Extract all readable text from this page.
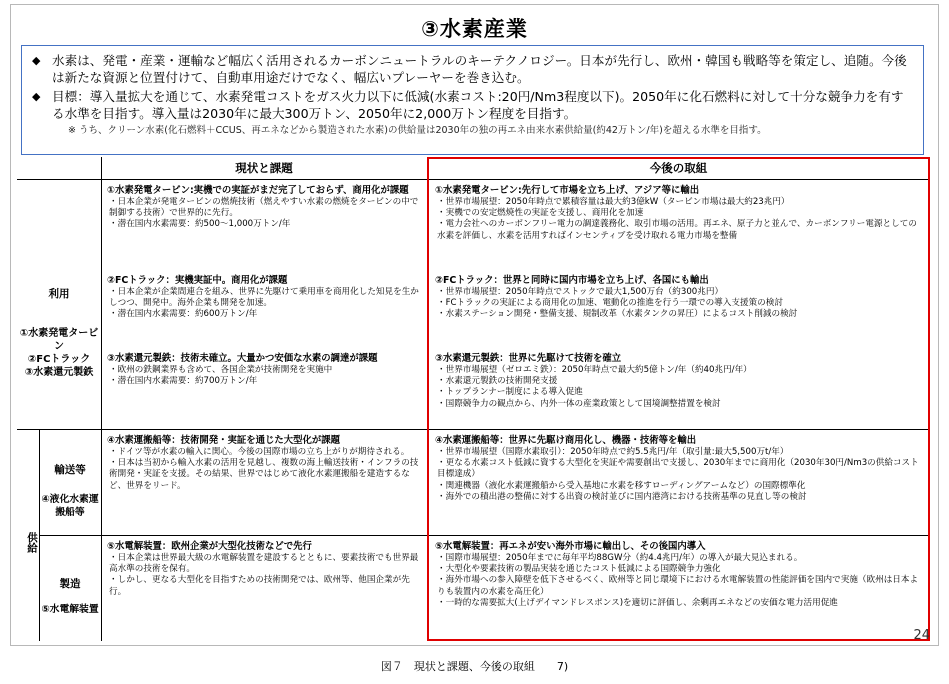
③水素産業
◆ 水素は、発電・産業・運輸など幅広く活用されるカーボンニュートラルのキーテクノロジー。日本が先行し、欧州・韓国も戦略等を策定し、追随。今後は新たな資源と位置付けて、自動車用途だけでなく、幅広いプレーヤーを巻き込む。
◆ 目標：導入量拡大を通じて、水素発電コストをガス火力以下に低減(水素コスト:20円/Nm3程度以下)。2050年に化石燃料に対して十分な競争力を有する水準を目指す。導入量は2030年に最大300万トン、2050年に2,000万トン程度を目指す。
※ うち、クリーン水素(化石燃料＋CCUS、再エネなどから製造された水素)の供給量は2030年の独の再エネ由来水素供給量(約42万トン/年)を超える水準を目指す。
現状と課題	今後の取組
利用
①水素発電タービン
②FCトラック
③水素還元製鉄
供給
輸送等
④液化水素運搬船等
製造
⑤水電解装置
①水素発電タービン:実機での実証がまだ完了しておらず、商用化が課題
・日本企業が発電タービンの燃焼技術（燃えやすい水素の燃焼をタービンの中で制御する技術）で世界的に先行。
・潜在国内水素需要：約500～1,000万トン/年
②FCトラック：実機実証中。商用化が課題
・日本企業が企業間連合を組み、世界に先駆けて乗用車を商用化した知見を生かしつつ、開発中。海外企業も開発を加速。
・潜在国内水素需要：約600万トン/年
③水素還元製鉄：技術未確立。大量かつ安価な水素の調達が課題
・欧州の鉄鋼業界も含めて、各国企業が技術開発を実施中
・潜在国内水素需要：約700万トン/年
④水素運搬船等：技術開発・実証を通じた大型化が課題
・ドイツ等が水素の輸入に関心。今後の国際市場の立ち上がりが期待される。
・日本は当初から輸入水素の活用を見越し、複数の海上輸送技術・インフラの技術開発・実証を支援。その結果、世界ではじめて液化水素運搬船を建造するなど、世界をリード。
⑤水電解装置：欧州企業が大型化技術などで先行
・日本企業は世界最大級の水電解装置を建設するとともに、要素技術でも世界最高水準の技術を保有。
・しかし、更なる大型化を目指すための技術開発では、欧州等、他国企業が先行。
①水素発電タービン:先行して市場を立ち上げ、アジア等に輸出
・世界市場展望：2050年時点で累積容量は最大約3億kW（タービン市場は最大約23兆円）
・実機での安定燃焼性の実証を支援し、商用化を加速
・電力会社へのカーボンフリー電力の調達義務化、取引市場の活用。再エネ、原子力と並んで、カーボンフリー電源としての水素を評価し、水素を活用すればインセンティブを受け取れる電力市場を整備
②FCトラック：世界と同時に国内市場を立ち上げ、各国にも輸出
・世界市場展望：2050年時点でストックで最大1,500万台（約300兆円）
・FCトラックの実証による商用化の加速、電動化の推進を行う一環での導入支援策の検討
・水素ステーション開発・整備支援、規制改革（水素タンクの昇圧）によるコスト削減の検討
③水素還元製鉄：世界に先駆けて技術を確立
・世界市場展望（ゼロエミ鉄）：2050年時点で最大約5億トン/年（約40兆円/年）
・水素還元製鉄の技術開発支援
・トップランナー制度による導入促進
・国際競争力の観点から、内外一体の産業政策として国境調整措置を検討
④水素運搬船等：世界に先駆け商用化し、機器・技術等を輸出
・世界市場展望（国際水素取引）：2050年時点で約5.5兆円/年（取引量:最大5,500万t/年）
・更なる水素コスト低減に資する大型化を実証や需要創出で支援し、2030年までに商用化（2030年30円/Nm3の供給コスト目標達成）
・関連機器（液化水素運搬船から受入基地に水素を移すローディングアームなど）の国際標準化
・海外での積出港の整備に対する出資の検討並びに国内港湾における技術基準の見直し等の検討
⑤水電解装置：再エネが安い海外市場に輸出し、その後国内導入
・国際市場展望：2050年までに毎年平均88GW分（約4.4兆円/年）の導入が最大見込まれる。
・大型化や要素技術の製品実装を通じたコスト低減による国際競争力強化
・海外市場への参入障壁を低下させるべく、欧州等と同じ環境下における水電解装置の性能評価を国内で実施（欧州は日本よりも装置内の水素を高圧化）
・一時的な需要拡大(上げデイマンドレスポンス)を適切に評価し、余剰再エネなどの安価な電力活用促進
24
図７　現状と課題、今後の取組　　7)
